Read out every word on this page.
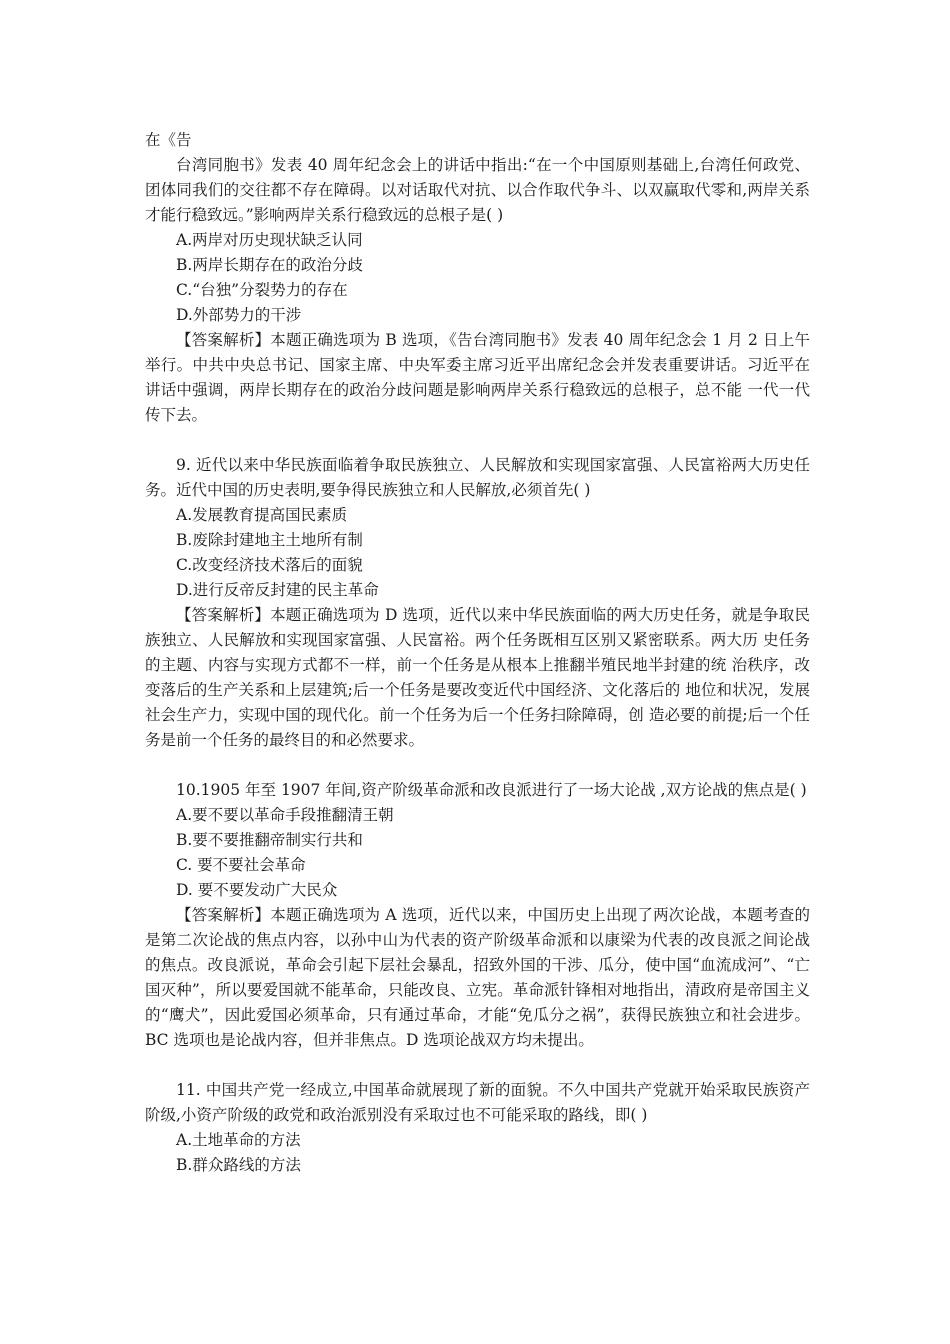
在《告

台湾同胞书》发表 40 周年纪念会上的讲话中指出:“在一个中国原则基础上,台湾任何政党、团体同我们的交往都不存在障碍。以对话取代对抗、以合作取代争斗、以双赢取代零和,两岸关系才能行稳致远。”影响两岸关系行稳致远的总根子是( )

A.两岸对历史现状缺乏认同

B.两岸长期存在的政治分歧

C.“台独”分裂势力的存在

D.外部势力的干涉

【答案解析】本题正确选项为 B 选项，《告台湾同胞书》发表 40 周年纪念会 1 月 2 日上午举行。中共中央总书记、国家主席、中央军委主席习近平出席纪念会并发表重要讲话。习近平在讲话中强调，两岸长期存在的政治分歧问题是影响两岸关系行稳致远的总根子，总不能 一代一代传下去。

9. 近代以来中华民族面临着争取民族独立、人民解放和实现国家富强、人民富裕两大历史任 务。近代中国的历史表明,要争得民族独立和人民解放,必须首先( )

A.发展教育提高国民素质

B.废除封建地主土地所有制

C.改变经济技术落后的面貌

D.进行反帝反封建的民主革命

【答案解析】本题正确选项为 D 选项，近代以来中华民族面临的两大历史任务，就是争取民族独立、人民解放和实现国家富强、人民富裕。两个任务既相互区别又紧密联系。两大历 史任务的主题、内容与实现方式都不一样，前一个任务是从根本上推翻半殖民地半封建的统 治秩序，改变落后的生产关系和上层建筑;后一个任务是要改变近代中国经济、文化落后的 地位和状况，发展社会生产力，实现中国的现代化。前一个任务为后一个任务扫除障碍，创 造必要的前提;后一个任务是前一个任务的最终目的和必然要求。

10.1905 年至 1907 年间,资产阶级革命派和改良派进行了一场大论战 ,双方论战的焦点是( )

A.要不要以革命手段推翻清王朝

B.要不要推翻帝制实行共和

C. 要不要社会革命

D. 要不要发动广大民众

【答案解析】本题正确选项为 A 选项，近代以来，中国历史上出现了两次论战，本题考查的是第二次论战的焦点内容，以孙中山为代表的资产阶级革命派和以康梁为代表的改良派之间论战的焦点。改良派说，革命会引起下层社会暴乱，招致外国的干涉、瓜分，使中国“血流成河”、“亡国灭种”，所以要爱国就不能革命，只能改良、立宪。革命派针锋相对地指出，清政府是帝国主义的“鹰犬”，因此爱国必须革命，只有通过革命，才能“免瓜分之祸”，获得民族独立和社会进步。BC 选项也是论战内容，但并非焦点。D 选项论战双方均未提出。

11. 中国共产党一经成立,中国革命就展现了新的面貌。不久中国共产党就开始采取民族资产阶级,小资产阶级的政党和政治派别没有采取过也不可能采取的路线，即( )

A.土地革命的方法

B.群众路线的方法
